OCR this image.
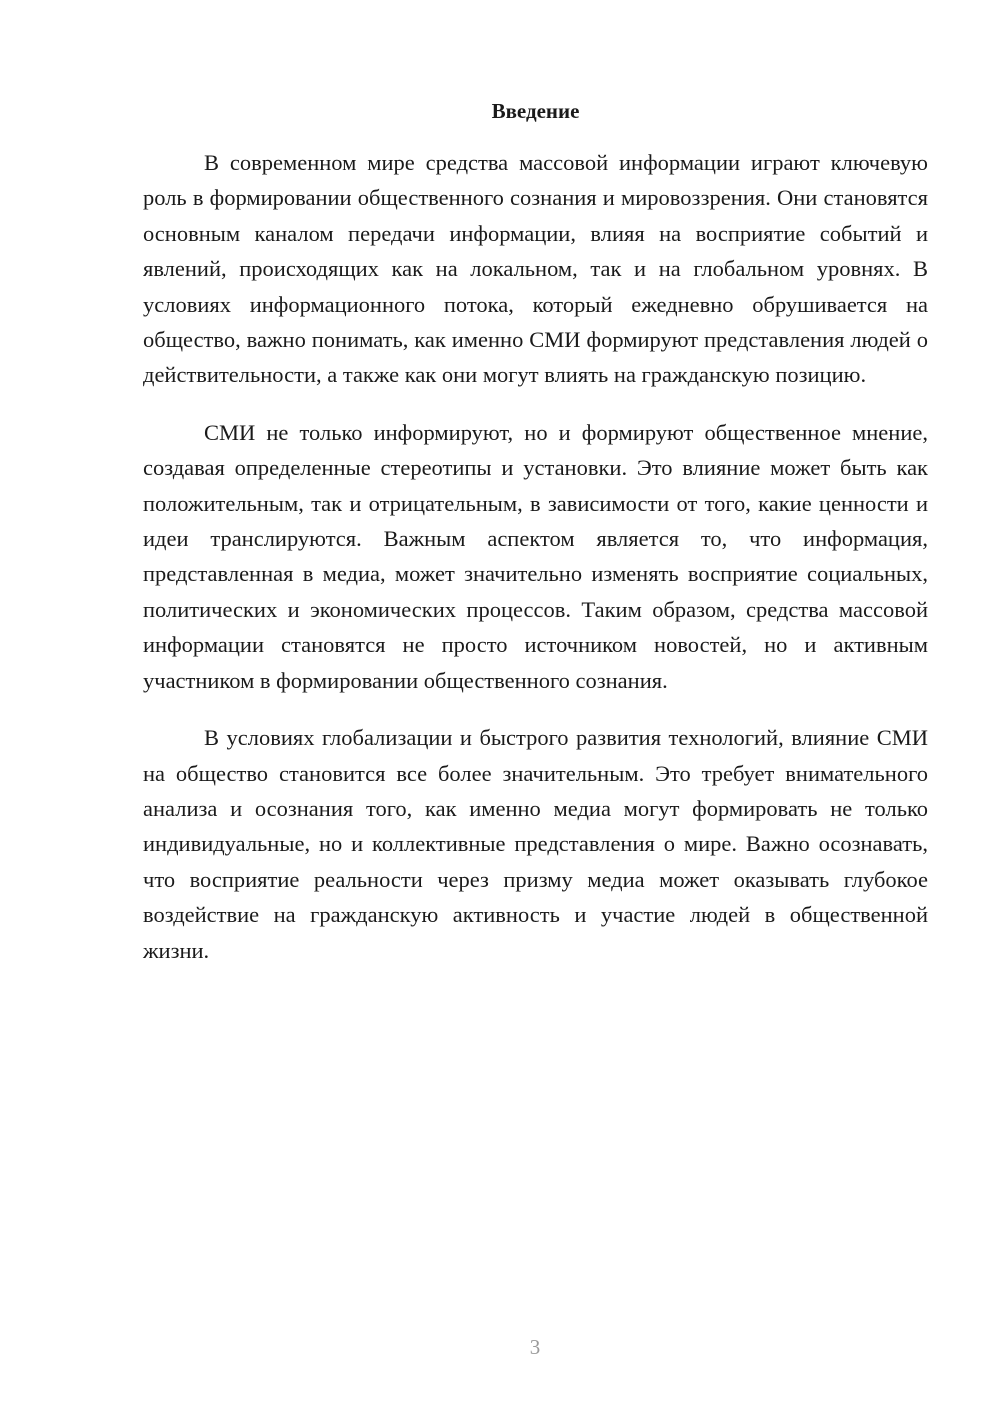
Введение

В современном мире средства массовой информации играют ключевую роль в формировании общественного сознания и мировоззрения. Они становятся основным каналом передачи информации, влияя на восприятие событий и явлений, происходящих как на локальном, так и на глобальном уровнях. В условиях информационного потока, который ежедневно обрушивается на общество, важно понимать, как именно СМИ формируют представления людей о действительности, а также как они могут влиять на гражданскую позицию.

СМИ не только информируют, но и формируют общественное мнение, создавая определенные стереотипы и установки. Это влияние может быть как положительным, так и отрицательным, в зависимости от того, какие ценности и идеи транслируются. Важным аспектом является то, что информация, представленная в медиа, может значительно изменять восприятие социальных, политических и экономических процессов. Таким образом, средства массовой информации становятся не просто источником новостей, но и активным участником в формировании общественного сознания.

В условиях глобализации и быстрого развития технологий, влияние СМИ на общество становится все более значительным. Это требует внимательного анализа и осознания того, как именно медиа могут формировать не только индивидуальные, но и коллективные представления о мире. Важно осознавать, что восприятие реальности через призму медиа может оказывать глубокое воздействие на гражданскую активность и участие людей в общественной жизни.

3
